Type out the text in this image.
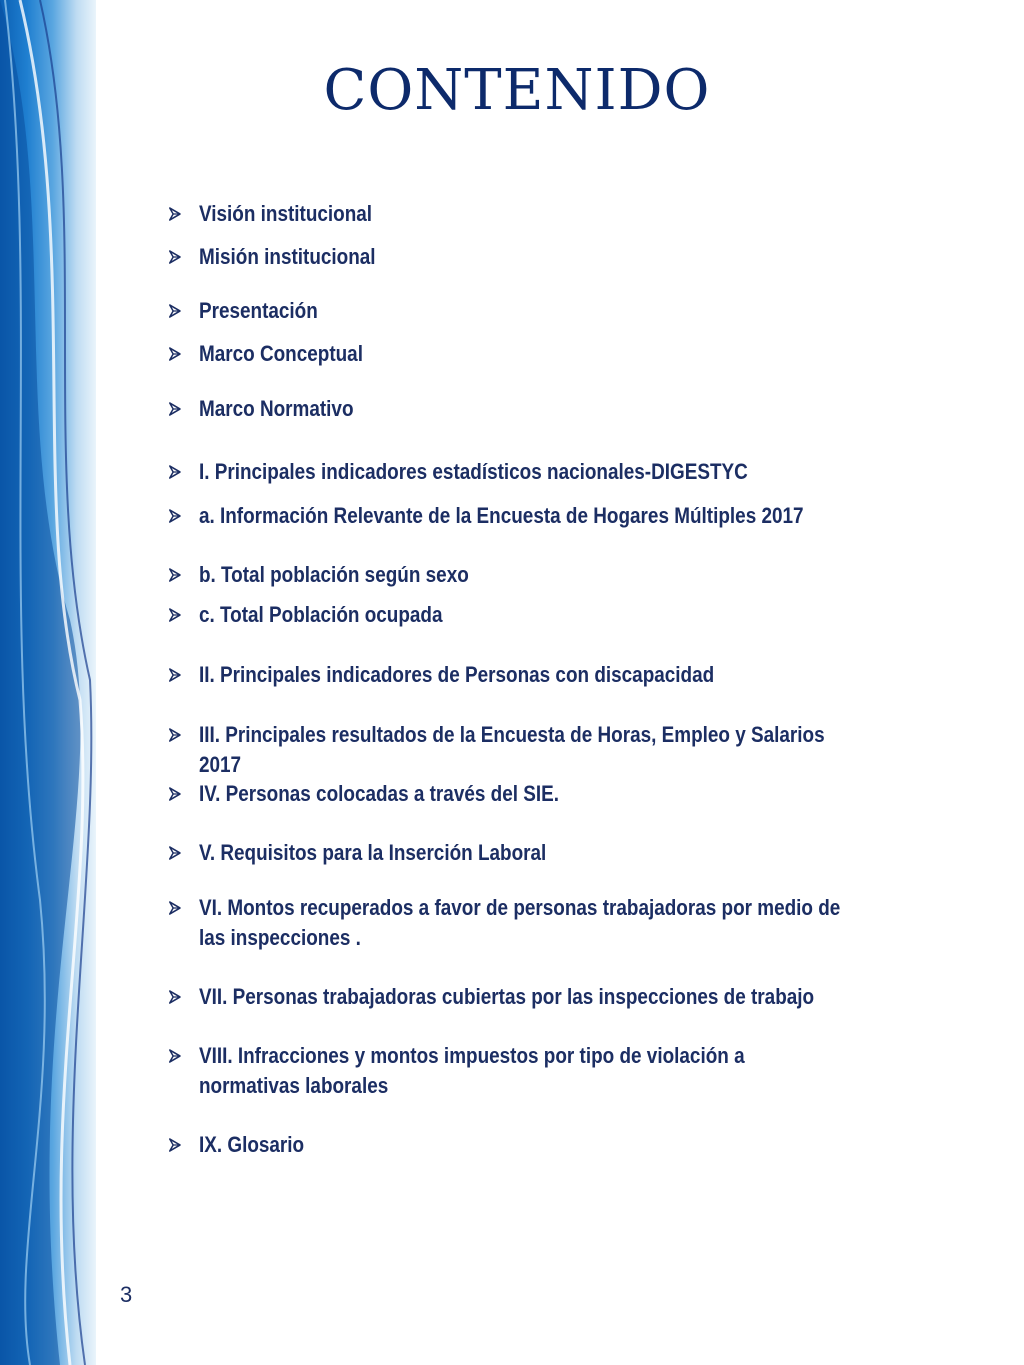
CONTENIDO
Visión institucional
Misión institucional
Presentación
Marco Conceptual
Marco Normativo
I. Principales indicadores estadísticos nacionales-DIGESTYC
a. Información Relevante de la Encuesta de Hogares Múltiples 2017
b. Total población según sexo
c. Total Población ocupada
II. Principales indicadores de Personas con discapacidad
III. Principales resultados de la Encuesta de Horas, Empleo y Salarios 2017
IV. Personas colocadas a través del SIE.
V. Requisitos para la Inserción Laboral
VI. Montos recuperados a favor de personas trabajadoras por medio de las inspecciones .
VII. Personas trabajadoras cubiertas por las inspecciones de trabajo
VIII. Infracciones y montos impuestos por tipo de violación a normativas laborales
IX. Glosario
3
